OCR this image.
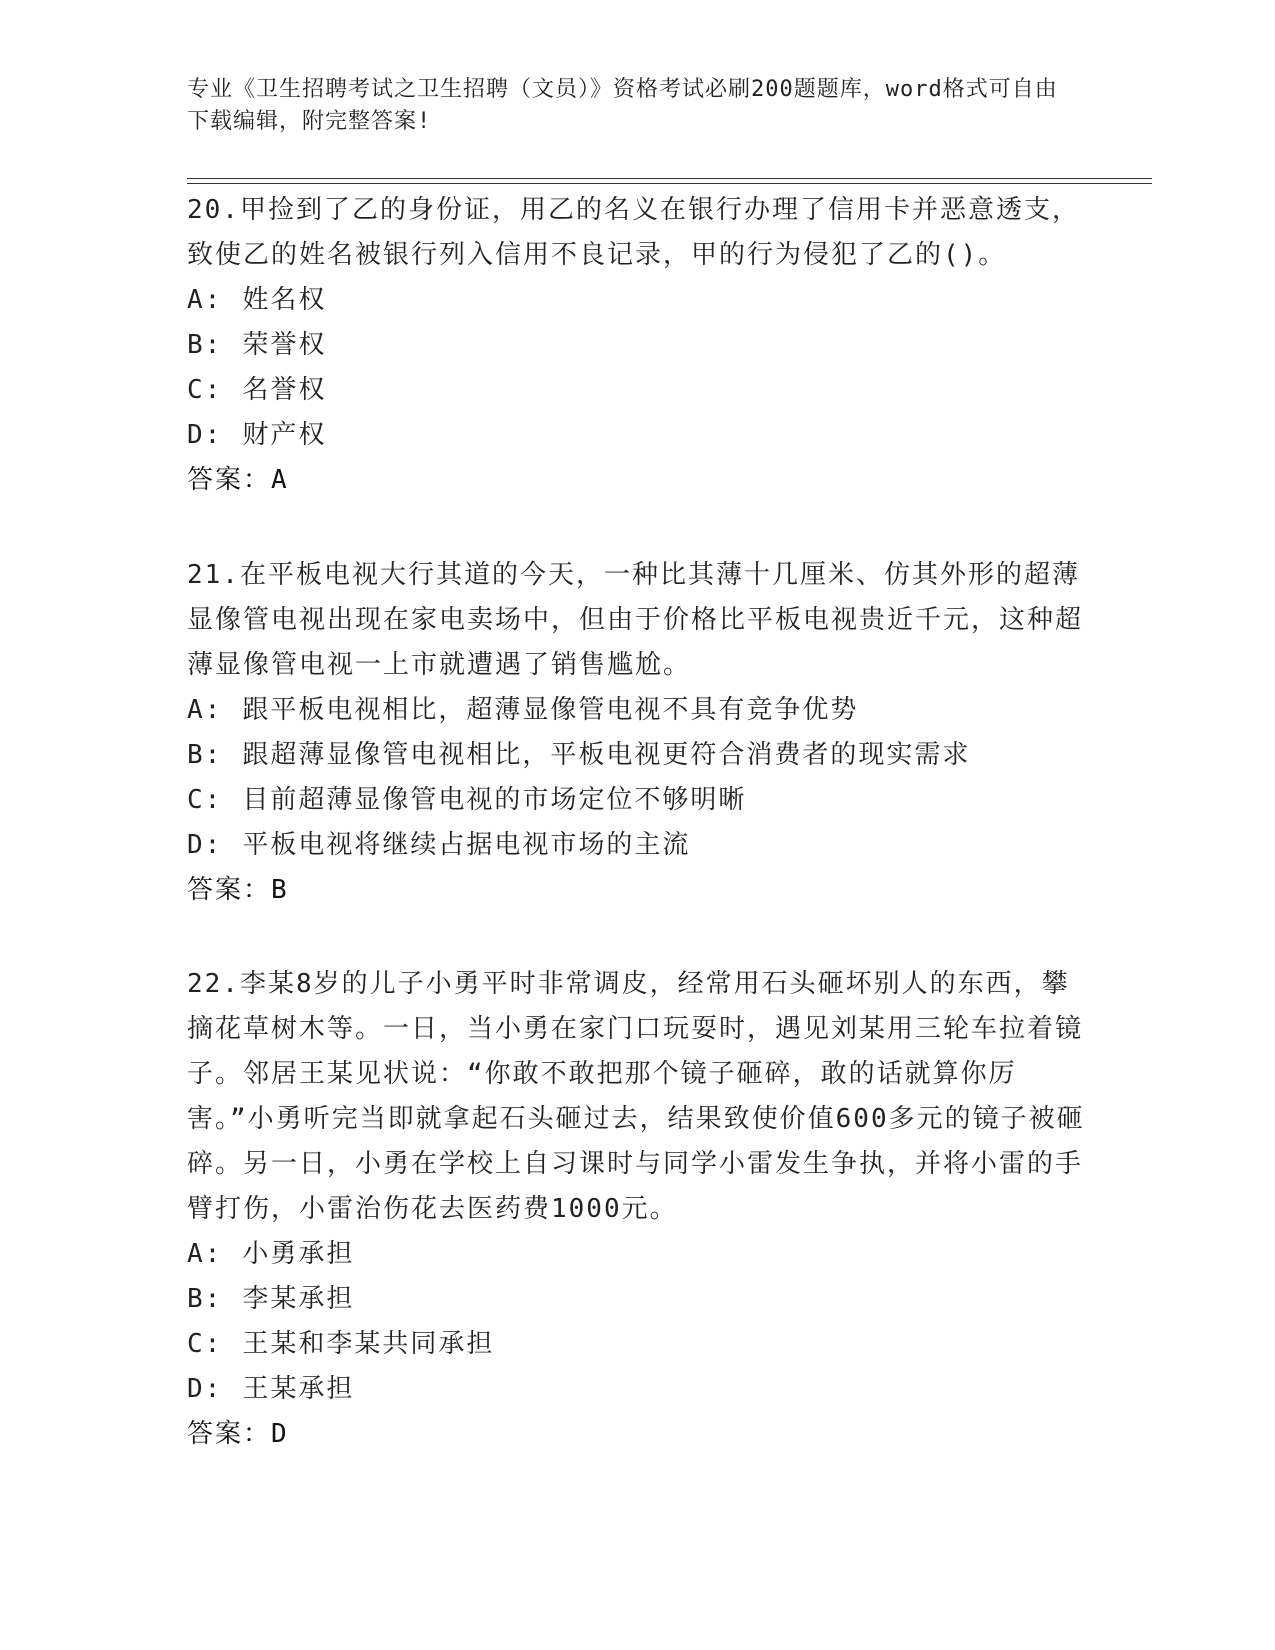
专业《卫生招聘考试之卫生招聘（文员）》资格考试必刷200题题库，word格式可自由下载编辑，附完整答案!

20.甲捡到了乙的身份证，用乙的名义在银行办理了信用卡并恶意透支，致使乙的姓名被银行列入信用不良记录，甲的行为侵犯了乙的()。

A: 姓名权

B: 荣誉权

C: 名誉权

D: 财产权

答案：A

21.在平板电视大行其道的今天，一种比其薄十几厘米、仿其外形的超薄显像管电视出现在家电卖场中，但由于价格比平板电视贵近千元，这种超薄显像管电视一上市就遭遇了销售尴尬。

A: 跟平板电视相比，超薄显像管电视不具有竞争优势

B: 跟超薄显像管电视相比，平板电视更符合消费者的现实需求

C: 目前超薄显像管电视的市场定位不够明晰

D: 平板电视将继续占据电视市场的主流

答案：B

22.李某8岁的儿子小勇平时非常调皮，经常用石头砸坏别人的东西，攀摘花草树木等。一日，当小勇在家门口玩耍时，遇见刘某用三轮车拉着镜子。邻居王某见状说：“你敢不敢把那个镜子砸碎，敢的话就算你厉害。”小勇听完当即就拿起石头砸过去，结果致使价值600多元的镜子被砸碎。另一日，小勇在学校上自习课时与同学小雷发生争执，并将小雷的手臂打伤，小雷治伤花去医药费1000元。

A: 小勇承担

B: 李某承担

C: 王某和李某共同承担

D: 王某承担

答案：D
